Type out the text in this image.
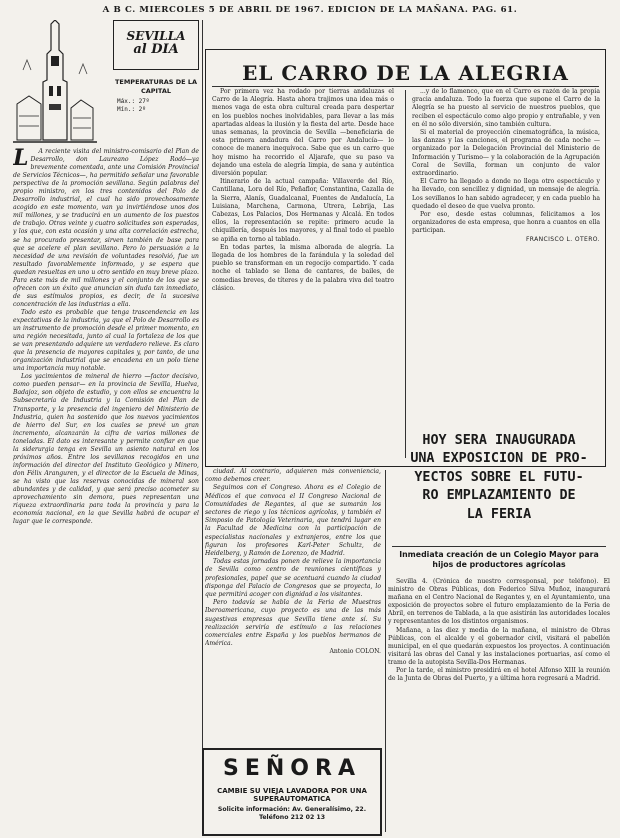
A B C. MIERCOLES 5 DE ABRIL DE 1967. EDICION DE LA MAÑANA. PAG. 61.
SEVILLA
al DIA
TEMPERATURAS DE LA CAPITAL
Máx.: 27º
Mín.: 2º
L	A reciente visita del ministro-comisario del Plan de Desarrollo, don Laureano López Rodó—ya brevemente comentada, ante una Comisión Provincial de Servicios Técnicos—, ha permitido señalar una favorable perspectiva de la promoción sevillana. Según palabras del propio ministro, en los tres contenidos del Polo de Desarrollo industrial, el cual ha sido provechosamente acogido en este momento, van ya invirtiéndose unos dos mil millones, y se traducirá en un aumento de los puestos de trabajo. Otras veinte y cuatro solicitudes son esperadas, y los que, con esta ocasión y una alta correlación estrecha, se ha procurado presentar, sirven también de base para que se acelere el plan sevillano. Pero lo persuasión a la necesidad de una revisión de voluntades resolvió, fue un resultado favorablemente informado, y se espera que quedan resueltas en uno u otro sentido en muy breve plazo. Para este más de mil millones y el conjunto de los que se ofrecen con un éxito que anuncian sin duda tan inmediato, de sus estímulos propios, es decir, de la sucesiva concentración de las industrias a ella.

Todo esto es probable que tenga trascendencia en las expectativas de la industria, ya que el Polo de Desarrollo es un instrumento de promoción desde el primer momento, en una región necesitada, junto al cual la fortaleza de los que se van presentando adquiere un verdadero relieve. Es claro que la presencia de mayores capitales y, por tanto, de una organización industrial que se encadena en un polo tiene una importancia muy notable.

Los yacimientos de mineral de hierro —factor decisivo, como pueden pensar— en la provincia de Sevilla, Huelva, Badajoz, son objeto de estudio, y con ellos se encuentra la Subsecretaría de Industria y la Comisión del Plan de Transporte, y la presencia del ingeniero del Ministerio de Industria, quien ha sostenido que los nuevos yacimientos de hierro del Sur, en los cuales se prevé un gran incremento, alcanzarán la cifra de varios millones de toneladas. El dato es interesante y permite confiar en que la siderurgia tenga en Sevilla un asiento natural en los próximos años. Entre los sevillanos recogidos en una información del director del Instituto Geológico y Minero, don Félix Aranguren, y el director de la Escuela de Minas, se ha visto que las reservas conocidas de mineral son abundantes y de calidad, y que será preciso acometer su aprovechamiento sin demora, pues representan una riqueza extraordinaria para toda la provincia y para la economía nacional, en la que Sevilla habrá de ocupar el lugar que le corresponde.

EL CARRO DE LA ALEGRIA

Por primera vez ha rodado por tierras andaluzas el Carro de la Alegría. Hasta ahora trajimos una idea más o menos vaga de esta obra cultural creada para despertar en los pueblos noches inolvidables, para llevar a las más apartadas aldeas la ilusión y la fiesta del arte. Desde hace unas semanas, la provincia de Sevilla —beneficiaria de esta primera andadura del Carro por Andalucía— lo conoce de manera inequívoca. Sabe que es un carro que hoy mismo ha recorrido el Aljarafe, que su paso va dejando una estela de alegría limpia, de sana y auténtica diversión popular.

Itinerario de la actual campaña: Villaverde del Río, Cantillana, Lora del Río, Peñaflor, Constantina, Cazalla de la Sierra, Alanís, Guadalcanal, Fuentes de Andalucía, La Luisiana, Marchena, Carmona, Utrera, Lebrija, Las Cabezas, Los Palacios, Dos Hermanas y Alcalá. En todos ellos, la representación se repite: primero acude la chiquillería, después los mayores, y al final todo el pueblo se apiña en torno al tablado.

En todas partes, la misma alborada de alegría. La llegada de los hombres de la farándula y la soledad del pueblo se transforman en un regocijo compartido. Y cada noche el tablado se llena de cantares, de bailes, de comedias breves, de títeres y de la palabra viva del teatro clásico.

...y de lo flamenco, que en el Carro es razón de la propia gracia andaluza. Todo la fuerza que supone el Carro de la Alegría se ha puesto al servicio de nuestros pueblos, que reciben el espectáculo como algo propio y entrañable, y ven en él no sólo diversión, sino también cultura.

Si el material de proyección cinematográfica, la música, las danzas y las canciones, el programa de cada noche —organizado por la Delegación Provincial del Ministerio de Información y Turismo— y la colaboración de la Agrupación Coral de Sevilla, forman un conjunto de valor extraordinario.

El Carro ha llegado a donde no llega otro espectáculo y ha llevado, con sencillez y dignidad, un mensaje de alegría. Los sevillanos lo han sabido agradecer, y en cada pueblo ha quedado el deseo de que vuelva pronto.

Por eso, desde estas columnas, felicitamos a los organizadores de esta empresa, que honra a cuantos en ella participan.

FRANCISCO L. OTERO.

ciudad. Al contrario, adquieren más conveniencia, como debemos creer.

Seguimos con el Congreso. Ahora es el Colegio de Médicos el que convoca el II Congreso Nacional de Comunidades de Regantes, al que se sumarán los sectores de riego y los técnicos agrícolas, y también el Simposio de Patología Veterinaria, que tendrá lugar en la Facultad de Medicina con la participación de especialistas nacionales y extranjeros, entre los que figuran los profesores Karl-Peter Schultz, de Heidelberg, y Ramón de Lorenzo, de Madrid.

Todas estas jornadas ponen de relieve la importancia de Sevilla como centro de reuniones científicas y profesionales, papel que se acentuará cuando la ciudad disponga del Palacio de Congresos que se proyecta, lo que permitirá acoger con dignidad a los visitantes.

Pero todavía se habla de la Feria de Muestras Iberoamericana, cuyo proyecto es una de las más sugestivas empresas que Sevilla tiene ante sí. Su realización serviría de estímulo a las relaciones comerciales entre España y los pueblos hermanos de América.

Antonio COLON.
SEÑORA
CAMBIE SU VIEJA LAVADORA POR UNA SUPERAUTOMATICA
Solicite información: Av. Generalísimo, 22. Teléfono 212 02 13
HOY SERA INAUGURADA
UNA EXPOSICION DE PRO-
YECTOS SOBRE EL FUTU-
RO EMPLAZAMIENTO DE
LA FERIA
Inmediata creación de un Colegio Mayor para hijos de productores agrícolas

Sevilla 4. (Crónica de nuestro corresponsal, por teléfono). El ministro de Obras Públicas, don Federico Silva Muñoz, inaugurará mañana en el Centro Nacional de Regantes y, en el Ayuntamiento, una exposición de proyectos sobre el futuro emplazamiento de la Feria de Abril, en terrenos de Tablada, a la que asistirán las autoridades locales y representantes de los distintos organismos.

Mañana, a las diez y media de la mañana, el ministro de Obras Públicas, con el alcalde y el gobernador civil, visitará el pabellón municipal, en el que quedarán expuestos los proyectos. A continuación visitará las obras del Canal y las instalaciones portuarias, así como el tramo de la autopista Sevilla-Dos Hermanas.

Por la tarde, el ministro presidirá en el hotel Alfonso XIII la reunión de la Junta de Obras del Puerto, y a última hora regresará a Madrid.
